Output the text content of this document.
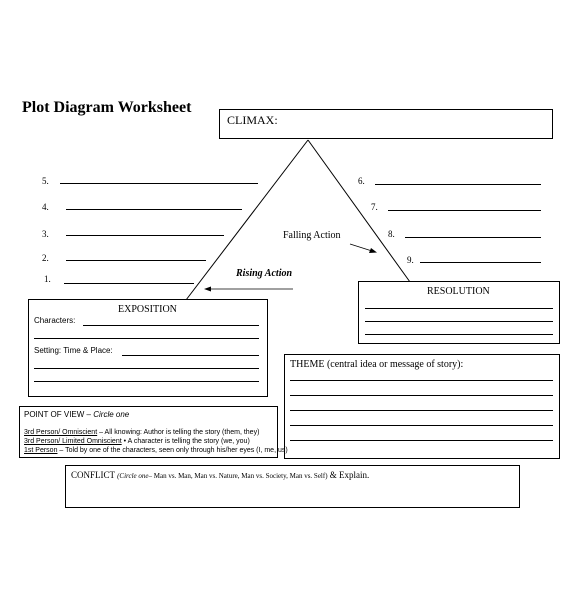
Plot Diagram Worksheet
CLIMAX:
5.
4.
3.
2.
1.
6.
7.
8.
9.
Falling Action
Rising Action
EXPOSITION
Characters:
Setting: Time & Place:
RESOLUTION
THEME (central idea or message of story):
POINT OF VIEW – Circle one
3rd Person/ Omniscient – All knowing: Author is telling the story (them, they)
3rd Person/ Limited Omniscient • A character is telling the story (we, you)
1st Person – Told by one of the characters, seen only through his/her eyes (I, me, us)
CONFLICT (Circle one– Man vs. Man, Man vs. Nature, Man vs. Society, Man vs. Self) & Explain.
